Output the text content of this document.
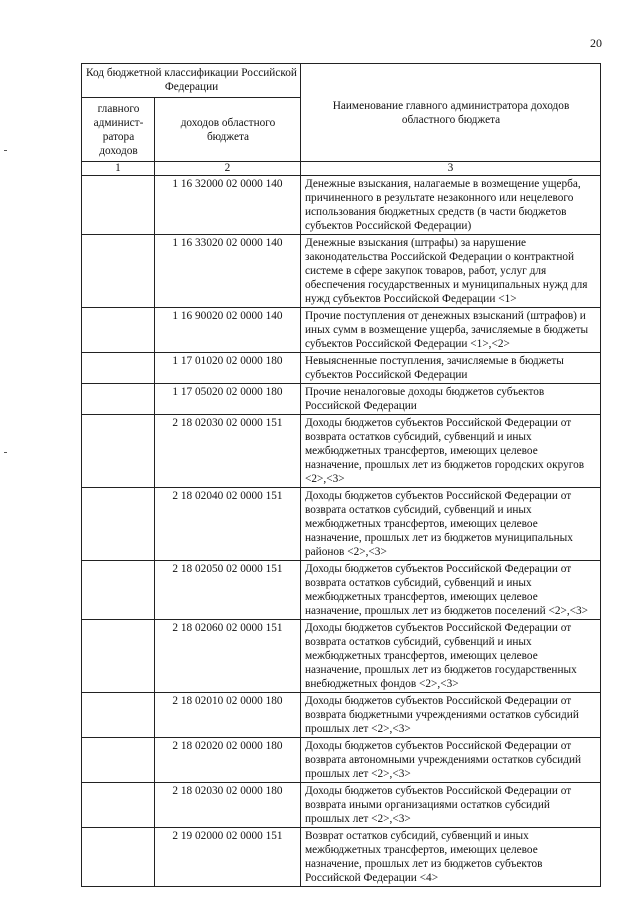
20
Код бюджетной классификации Российской Федерации		Наименование главного администратора доходов областного бюджета
главного админист-ратора доходов	доходов областного бюджета	
1	2	3
	1 16 32000 02 0000 140	Денежные взыскания, налагаемые в возмещение ущерба, причиненного в результате незаконного или нецелевого использования бюджетных средств (в части бюджетов субъектов Российской Федерации)
	1 16 33020 02 0000 140	Денежные взыскания (штрафы) за нарушение законодательства Российской Федерации о контрактной системе в сфере закупок товаров, работ, услуг для обеспечения государственных и муниципальных нужд для нужд субъектов Российской Федерации <1>
	1 16 90020 02 0000 140	Прочие поступления от денежных взысканий (штрафов) и иных сумм в возмещение ущерба, зачисляемые в бюджеты субъектов Российской Федерации <1>,<2>
	1 17 01020 02 0000 180	Невыясненные поступления, зачисляемые в бюджеты субъектов Российской Федерации
	1 17 05020 02 0000 180	Прочие неналоговые доходы бюджетов субъектов Российской Федерации
	2 18 02030 02 0000 151	Доходы бюджетов субъектов Российской Федерации от возврата остатков субсидий, субвенций и иных межбюджетных трансфертов, имеющих целевое назначение, прошлых лет из бюджетов городских округов <2>,<3>
	2 18 02040 02 0000 151	Доходы бюджетов субъектов Российской Федерации от возврата остатков субсидий, субвенций и иных межбюджетных трансфертов, имеющих целевое назначение, прошлых лет из бюджетов муниципальных районов <2>,<3>
	2 18 02050 02 0000 151	Доходы бюджетов субъектов Российской Федерации от возврата остатков субсидий, субвенций и иных межбюджетных трансфертов, имеющих целевое назначение, прошлых лет из бюджетов поселений <2>,<3>
	2 18 02060 02 0000 151	Доходы бюджетов субъектов Российской Федерации от возврата остатков субсидий, субвенций и иных межбюджетных трансфертов, имеющих целевое назначение, прошлых лет из бюджетов государственных внебюджетных фондов <2>,<3>
	2 18 02010 02 0000 180	Доходы бюджетов субъектов Российской Федерации от возврата бюджетными учреждениями остатков субсидий прошлых лет <2>,<3>
	2 18 02020 02 0000 180	Доходы бюджетов субъектов Российской Федерации от возврата автономными учреждениями остатков субсидий прошлых лет <2>,<3>
	2 18 02030 02 0000 180	Доходы бюджетов субъектов Российской Федерации от возврата иными организациями остатков субсидий прошлых лет <2>,<3>
	2 19 02000 02 0000 151	Возврат остатков субсидий, субвенций и иных межбюджетных трансфертов, имеющих целевое назначение, прошлых лет из бюджетов субъектов Российской Федерации <4>
